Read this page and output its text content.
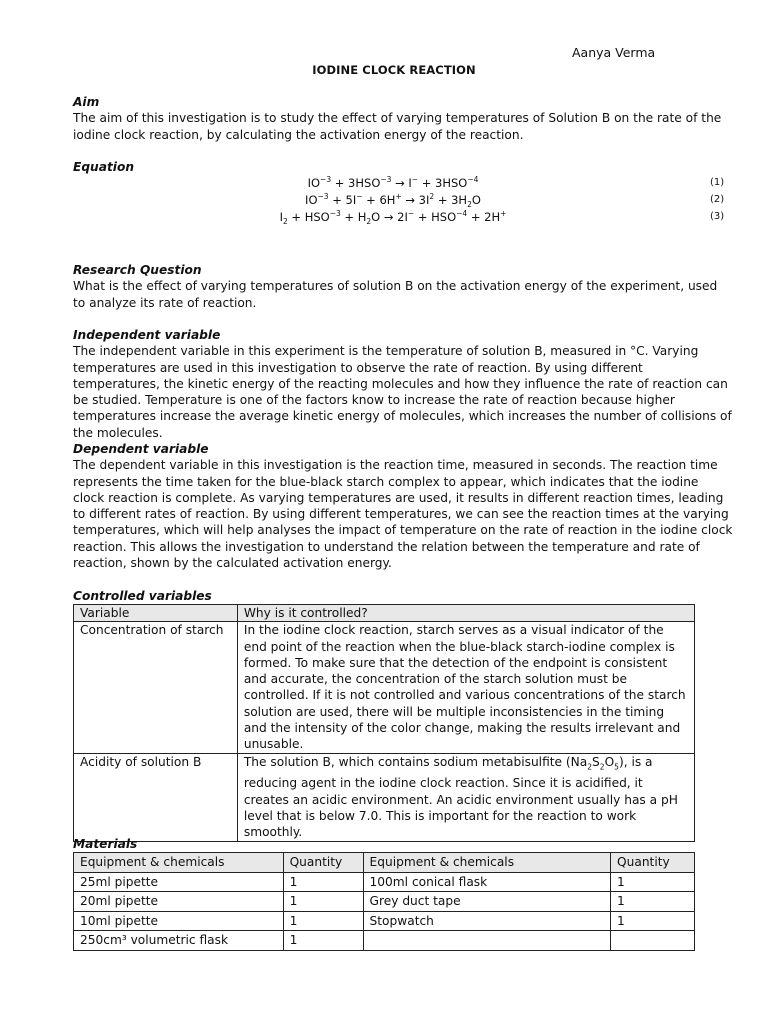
Aanya Verma
IODINE CLOCK REACTION
Aim

The aim of this investigation is to study the effect of varying temperatures of Solution B on the rate of the iodine clock reaction, by calculating the activation energy of the reaction.

Equation
$IO^{-3} + 3HSO^{-3} \to I^- + 3HSO^{-4}$	(1)
$IO^{-3} + 5I^- + 6H^+ \to 3I^2 + 3H_2O$	(2)
$I_2 + HSO^{-3} + H_2O \to 2I^- + HSO^{-4} + 2H^+$	(3)
Research Question

What is the effect of varying temperatures of solution B on the activation energy of the experiment, used to analyze its rate of reaction.

Independent variable

The independent variable in this experiment is the temperature of solution B, measured in °C. Varying temperatures are used in this investigation to observe the rate of reaction. By using different temperatures, the kinetic energy of the reacting molecules and how they influence the rate of reaction can be studied. Temperature is one of the factors know to increase the rate of reaction because higher temperatures increase the average kinetic energy of molecules, which increases the number of collisions of the molecules.

Dependent variable

The dependent variable in this investigation is the reaction time, measured in seconds. The reaction time represents the time taken for the blue-black starch complex to appear, which indicates that the iodine clock reaction is complete. As varying temperatures are used, it results in different reaction times, leading to different rates of reaction. By using different temperatures, we can see the reaction times at the varying temperatures, which will help analyses the impact of temperature on the rate of reaction in the iodine clock reaction. This allows the investigation to understand the relation between the temperature and rate of reaction, shown by the calculated activation energy.

Controlled variables
Variable	Why is it controlled?
Concentration of starch	In the iodine clock reaction, starch serves as a visual indicator of the end point of the reaction when the blue-black starch-iodine complex is formed. To make sure that the detection of the endpoint is consistent and accurate, the concentration of the starch solution must be controlled. If it is not controlled and various concentrations of the starch solution are used, there will be multiple inconsistencies in the timing and the intensity of the color change, making the results irrelevant and unusable.
Acidity of solution B	The solution B, which contains sodium metabisulfite $(Na_2S_2O_5)$, is a reducing agent in the iodine clock reaction. Since it is acidified, it creates an acidic environment. An acidic environment usually has a pH level that is below 7.0. This is important for the reaction to work smoothly.
Materials
Equipment & chemicals	Quantity	Equipment & chemicals	Quantity
25ml pipette	1	100ml conical flask	1
20ml pipette	1	Grey duct tape	1
10ml pipette	1	Stopwatch	1
250cm³ volumetric flask	1		
